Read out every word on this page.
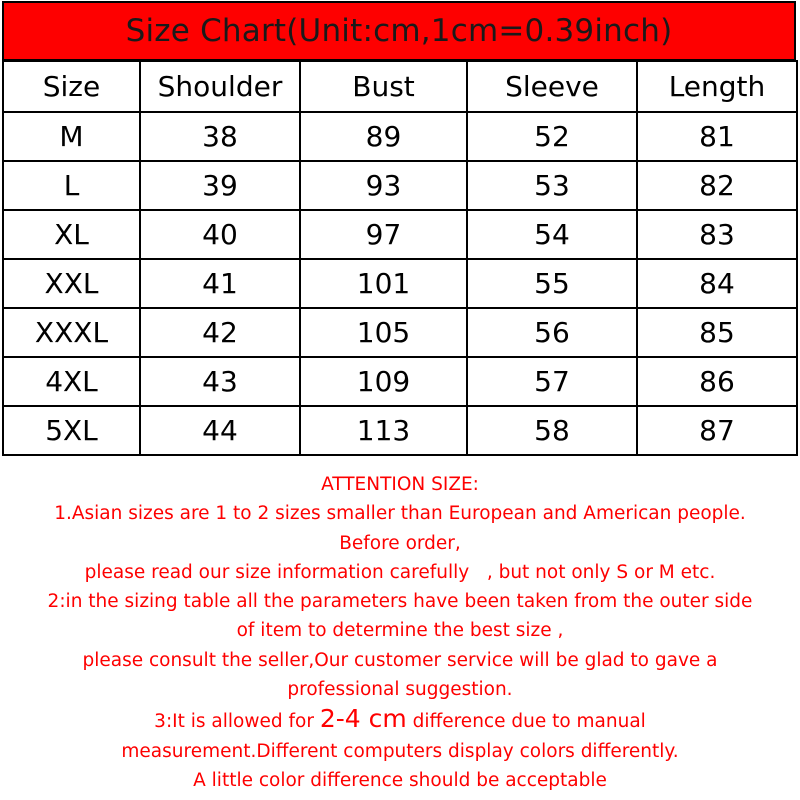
Size Chart(Unit:cm,1cm=0.39inch)
Size	Shoulder	Bust	Sleeve	Length
M	38	89	52	81
L	39	93	53	82
XL	40	97	54	83
XXL	41	101	55	84
XXXL	42	105	56	85
4XL	43	109	57	86
5XL	44	113	58	87
ATTENTION SIZE:
1.Asian sizes are 1 to 2 sizes smaller than European and American people.
Before order,
please read our size information carefully   , but not only S or M etc.
2:in the sizing table all the parameters have been taken from the outer side
of item to determine the best size ,
please consult the seller,Our customer service will be glad to gave a
professional suggestion.
3:It is allowed for 2-4 cm difference due to manual
measurement.Different computers display colors differently.
A little color difference should be acceptable
